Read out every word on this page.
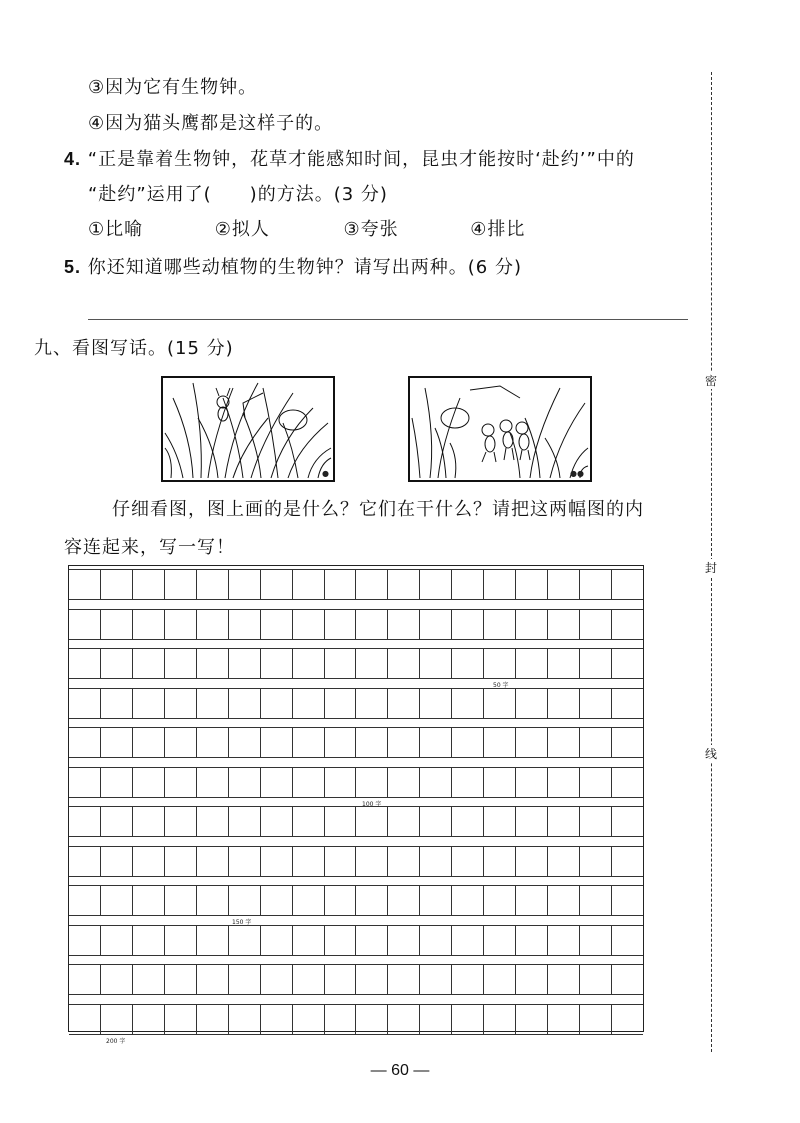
③因为它有生物钟。
④因为猫头鹰都是这样子的。
4. “正是靠着生物钟，花草才能感知时间，昆虫才能按时‘赴约’”中的
“赴约”运用了(　　)的方法。(3 分)
①比喻	②拟人	③夸张	④排比
5. 你还知道哪些动植物的生物钟？请写出两种。(6 分)
九、看图写话。(15 分)
●	●●
仔细看图，图上画的是什么？它们在干什么？请把这两幅图的内
容连起来，写一写！
50 字
100 字
150 字
200 字
密
封
线
— 60 —
